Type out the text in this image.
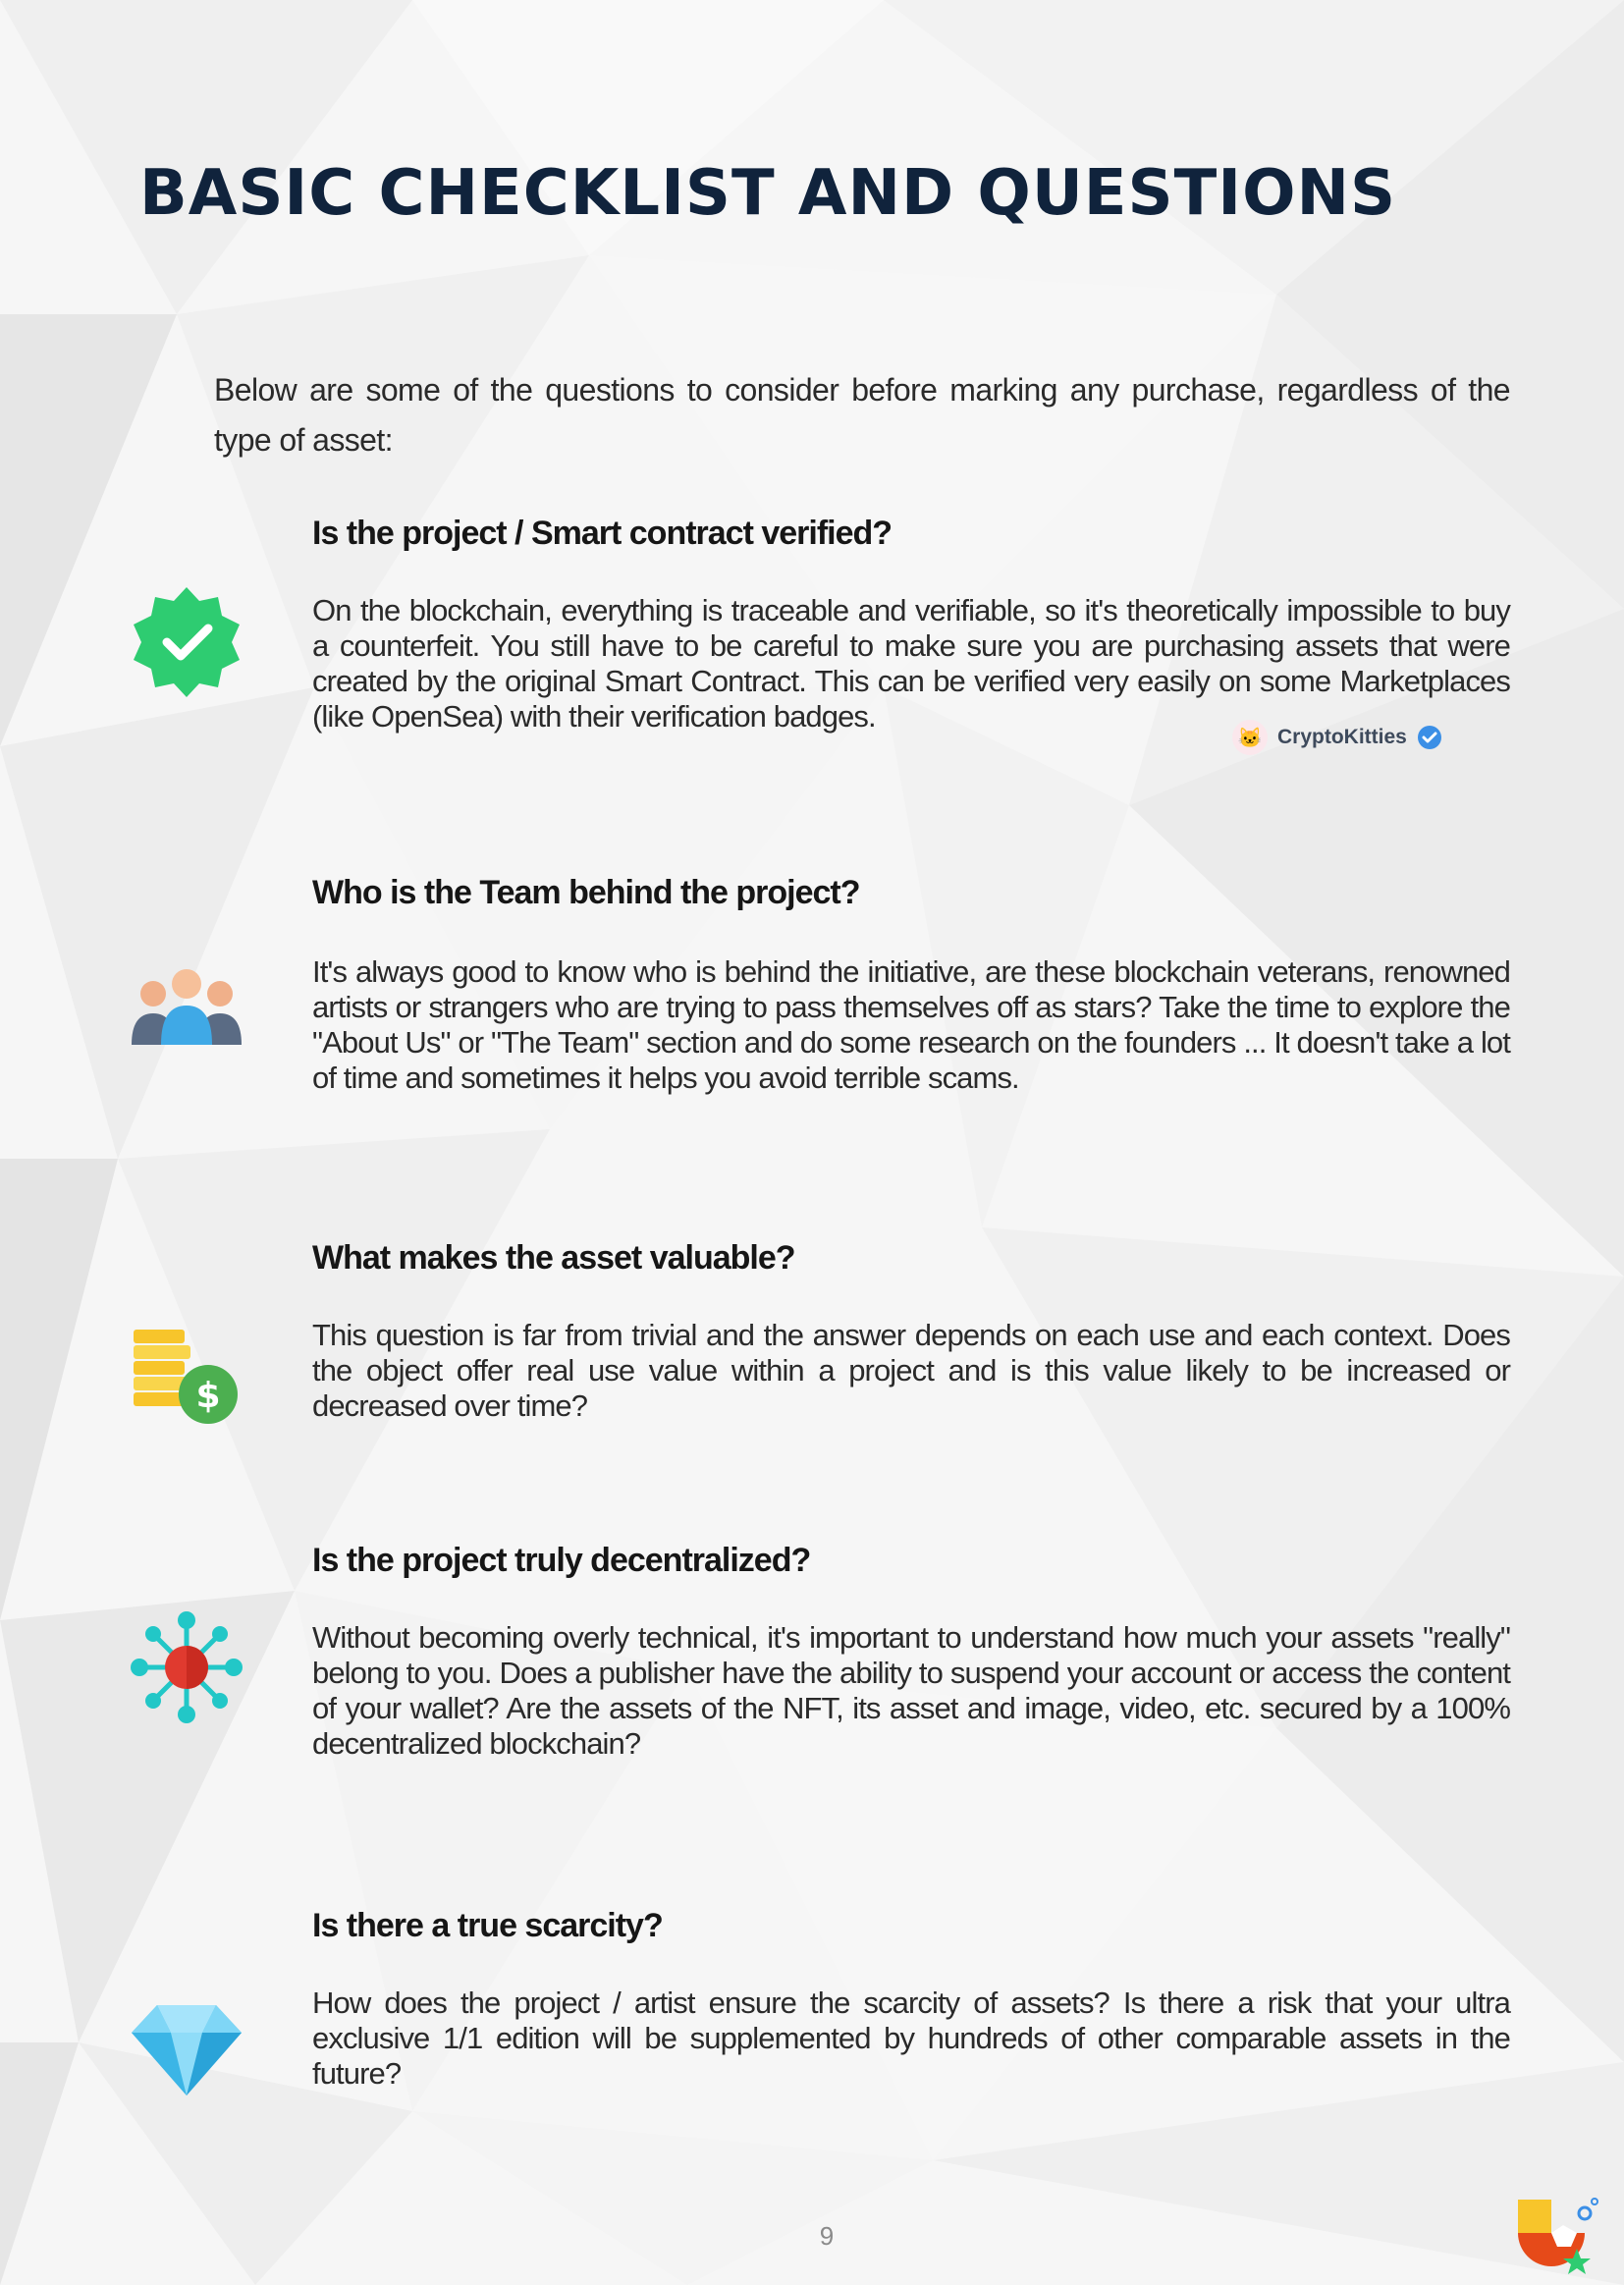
BASIC CHECKLIST AND QUESTIONS

Below are some of the questions to consider before marking any purchase, regardless of the type of asset:

Is the project / Smart contract verified?

On the blockchain, everything is traceable and verifiable, so it's theoretically impossible to buy a counterfeit. You still have to be careful to make sure you are purchasing assets that were created by the original Smart Contract. This can be verified very easily on some Marketplaces (like OpenSea) with their verification badges.

🐱 CryptoKitties
Who is the Team behind the project?

It's always good to know who is behind the initiative, are these blockchain veterans, renowned artists or strangers who are trying to pass themselves off as stars? Take the time to explore the "About Us" or "The Team" section and do some research on the founders ... It doesn't take a lot of time and sometimes it helps you avoid terrible scams.

What makes the asset valuable?

This question is far from trivial and the answer depends on each use and each context. Does the object offer real use value within a project and is this value likely to be increased or decreased over time?

$
Is the project truly decentralized?

Without becoming overly technical, it's important to understand how much your assets "really" belong to you. Does a publisher have the ability to suspend your account or access the content of your wallet? Are the assets of the NFT, its asset and image, video, etc. secured by a 100% decentralized blockchain?

Is there a true scarcity?

How does the project / artist ensure the scarcity of assets? Is there a risk that your ultra exclusive 1/1 edition will be supplemented by hundreds of other comparable assets in the future?

9
